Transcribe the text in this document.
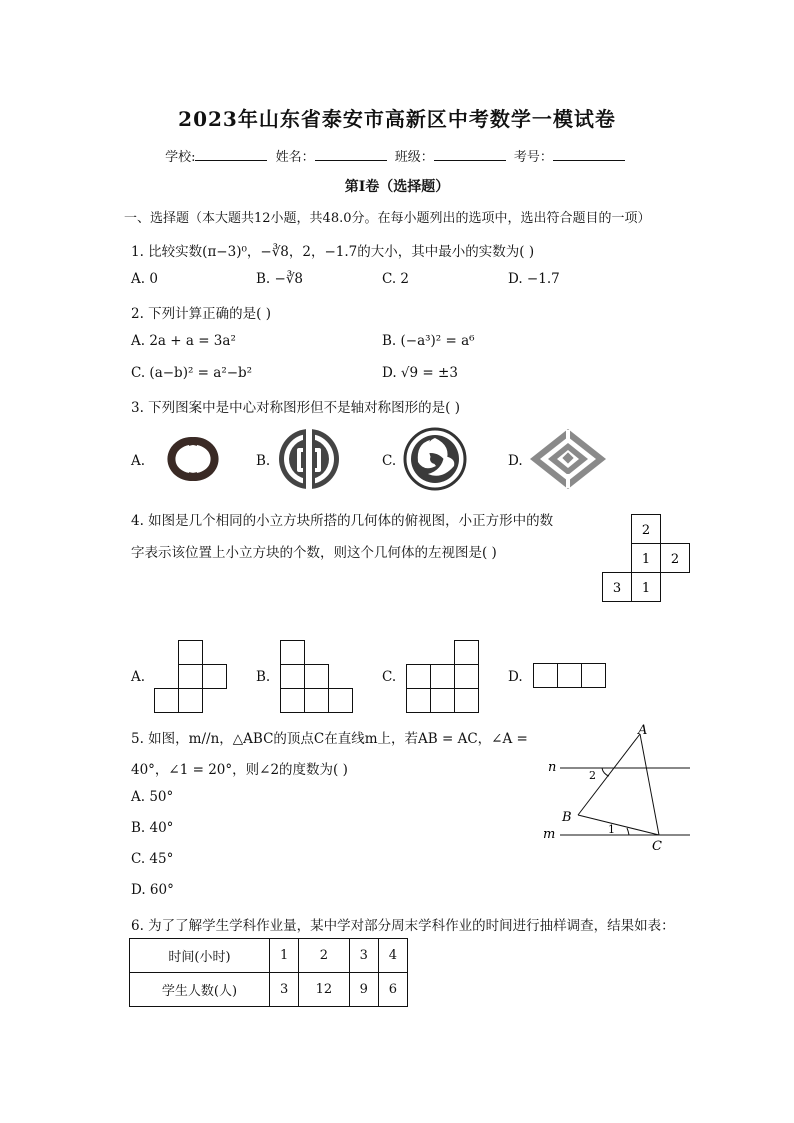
2023年山东省泰安市高新区中考数学一模试卷
学校:	姓名：	班级：	考号：
第Ⅰ卷（选择题）
一、选择题（本大题共12小题，共48.0分。在每小题列出的选项中，选出符合题目的一项）
1. 比较实数(π−3)⁰，−∛8，2，−1.7的大小，其中最小的实数为( )
A. 0	B. −∛8	C. 2	D. −1.7
2. 下列计算正确的是( )
A. 2a + a = 3a²	B. (−a³)² = a⁶
C. (a−b)² = a²−b²	D. √9 = ±3
3. 下列图案中是中心对称图形但不是轴对称图形的是( )
A.	B.	C.	D.
4. 如图是几个相同的小立方块所搭的几何体的俯视图，小正方形中的数
字表示该位置上小立方块的个数，则这个几何体的左视图是( )
2
1 2
3 1
A.	B.	C.	D.
5. 如图，m//n，△ABC的顶点C在直线m上，若AB = AC，∠A =
40°，∠1 = 20°，则∠2的度数为( )
A. 50°
B. 40°
C. 45°
D. 60°
A
B
C
n
m
2
1
6. 为了了解学生学科作业量，某中学对部分周末学科作业的时间进行抽样调查，结果如表：
时间(小时)	1	2	3	4
学生人数(人)	3	12	9	6
